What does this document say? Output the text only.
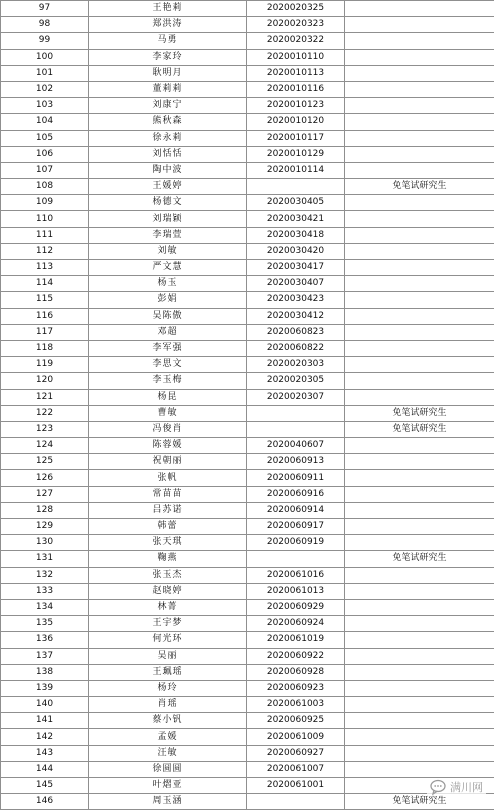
97	王艳莉	2020020325	
98	郑洪涛	2020020323	
99	马勇	2020020322	
100	李家玲	2020010110	
101	耿明月	2020010113	
102	董莉莉	2020010116	
103	刘康宁	2020010123	
104	熊秋森	2020010120	
105	徐永莉	2020010117	
106	刘恬恬	2020010129	
107	陶中波	2020010114	
108	王媛婷		免笔试研究生
109	杨德文	2020030405	
110	刘瑞颖	2020030421	
111	李瑞萱	2020030418	
112	刘敏	2020030420	
113	严文慧	2020030417	
114	杨玉	2020030407	
115	彭娟	2020030423	
116	吴陈傲	2020030412	
117	邓超	2020060823	
118	李军强	2020060822	
119	李思文	2020020303	
120	李玉梅	2020020305	
121	杨昆	2020020307	
122	曹敏		免笔试研究生
123	冯俊肖		免笔试研究生
124	陈蓉媛	2020040607	
125	祝朝丽	2020060913	
126	张帆	2020060911	
127	常苗苗	2020060916	
128	吕苏诺	2020060914	
129	韩蕾	2020060917	
130	张天琪	2020060919	
131	鞠燕		免笔试研究生
132	张玉杰	2020061016	
133	赵晓婷	2020061013	
134	林菁	2020060929	
135	王宇梦	2020060924	
136	何光环	2020061019	
137	吴丽	2020060922	
138	王珮瑶	2020060928	
139	杨玲	2020060923	
140	肖瑶	2020061003	
141	蔡小钒	2020060925	
142	孟媛	2020061009	
143	汪敏	2020060927	
144	徐圆圆	2020061007	
145	叶熠亚	2020061001	
146	周玉涵		免笔试研究生
满川网
